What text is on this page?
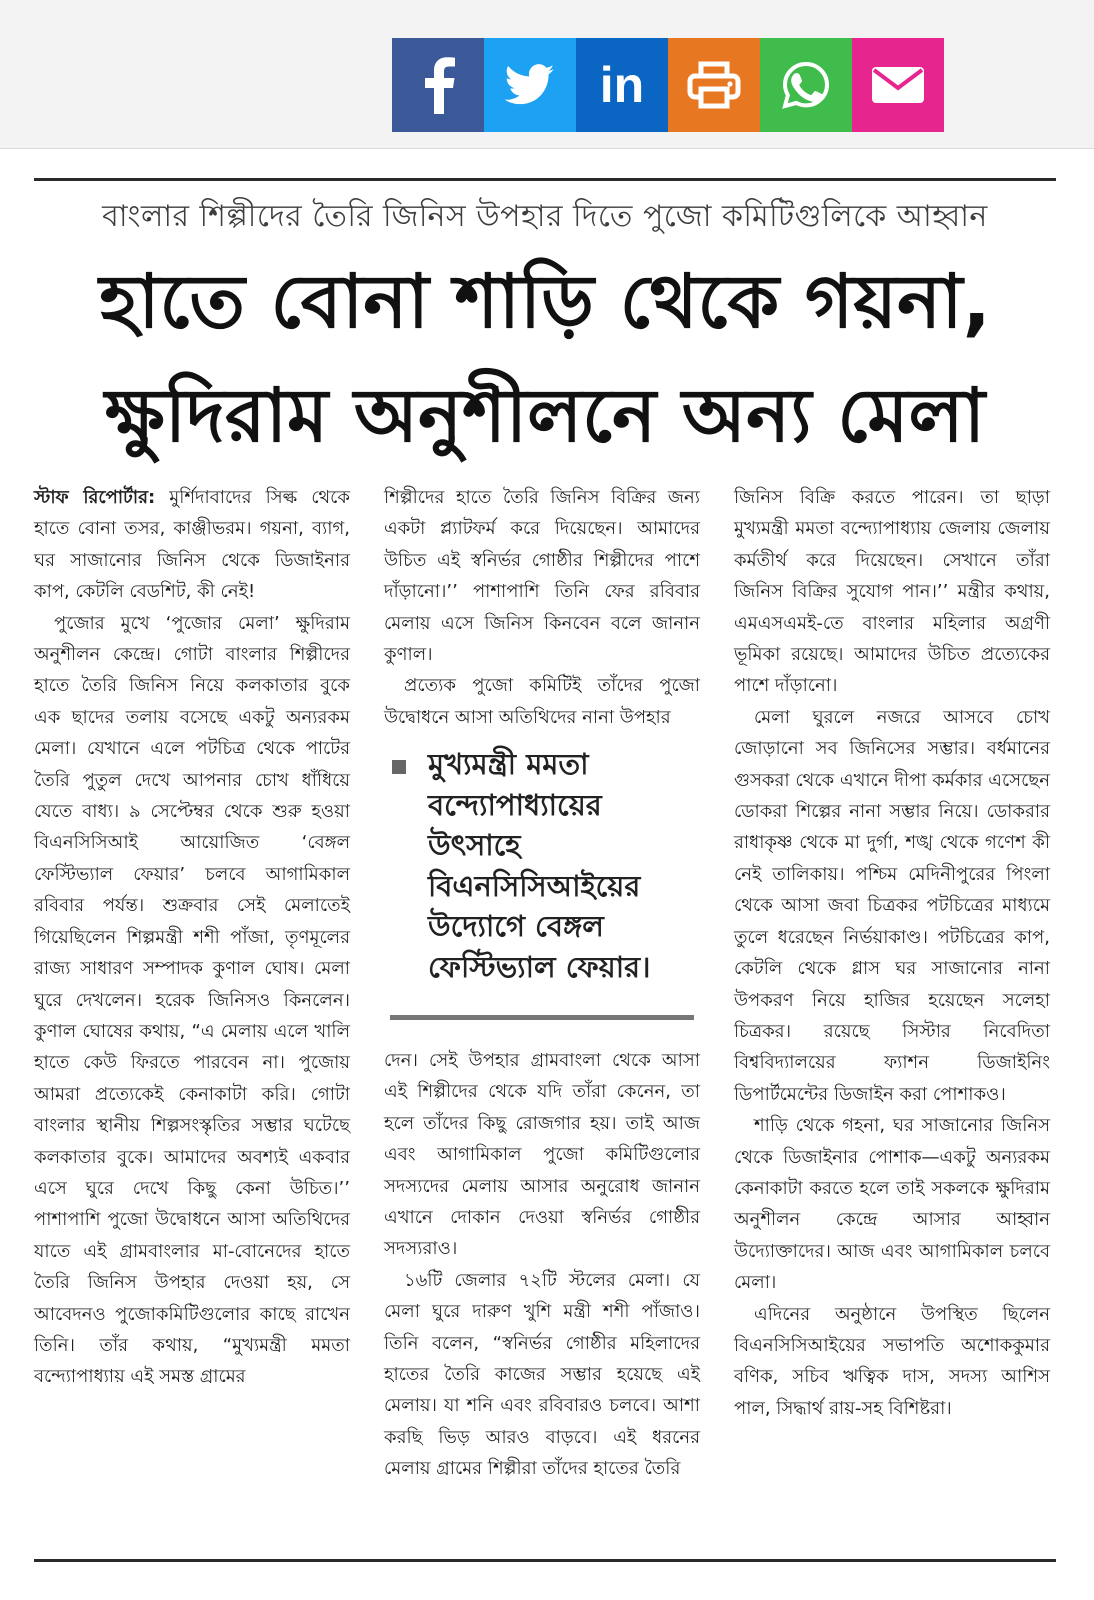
in
বাংলার শিল্পীদের তৈরি জিনিস উপহার দিতে পুজো কমিটিগুলিকে আহ্বান
হাতে বোনা শাড়ি থেকে গয়না,
ক্ষুদিরাম অনুশীলনে অন্য মেলা

স্টাফ রিপোর্টার: মুর্শিদাবাদের সিল্ক থেকে হাতে বোনা তসর, কাঞ্জীভরম। গয়না, ব্যাগ, ঘর সাজানোর জিনিস থেকে ডিজাইনার কাপ, কেটলি বেডশিট, কী নেই!

পুজোর মুখে ‘পুজোর মেলা’ ক্ষুদিরাম অনুশীলন কেন্দ্রে। গোটা বাংলার শিল্পীদের হাতে তৈরি জিনিস নিয়ে কলকাতার বুকে এক ছাদের তলায় বসেছে একটু অন্যরকম মেলা। যেখানে এলে পটচিত্র থেকে পাটের তৈরি পুতুল দেখে আপনার চোখ ধাঁধিয়ে যেতে বাধ্য। ৯ সেপ্টেম্বর থেকে শুরু হওয়া বিএনসিসিআই আয়োজিত ‘বেঙ্গল ফেস্টিভ্যাল ফেয়ার’ চলবে আগামিকাল রবিবার পর্যন্ত। শুক্রবার সেই মেলাতেই গিয়েছিলেন শিল্পমন্ত্রী শশী পাঁজা, তৃণমূলের রাজ্য সাধারণ সম্পাদক কুণাল ঘোষ। মেলা ঘুরে দেখলেন। হরেক জিনিসও কিনলেন। কুণাল ঘোষের কথায়, “এ মেলায় এলে খালি হাতে কেউ ফিরতে পারবেন না। পুজোয় আমরা প্রত্যেকেই কেনাকাটা করি। গোটা বাংলার স্থানীয় শিল্পসংস্কৃতির সম্ভার ঘটেছে কলকাতার বুকে। আমাদের অবশ্যই একবার এসে ঘুরে দেখে কিছু কেনা উচিত।’’ পাশাপাশি পুজো উদ্বোধনে আসা অতিথিদের যাতে এই গ্রামবাংলার মা-বোনেদের হাতে তৈরি জিনিস উপহার দেওয়া হয়, সে আবেদনও পুজোকমিটিগুলোর কাছে রাখেন তিনি। তাঁর কথায়, “মুখ্যমন্ত্রী মমতা বন্দ্যোপাধ্যায় এই সমস্ত গ্রামের

শিল্পীদের হাতে তৈরি জিনিস বিক্রির জন্য একটা প্ল্যাটফর্ম করে দিয়েছেন। আমাদের উচিত এই স্বনির্ভর গোষ্ঠীর শিল্পীদের পাশে দাঁড়ানো।’’ পাশাপাশি তিনি ফের রবিবার মেলায় এসে জিনিস কিনবেন বলে জানান কুণাল।

প্রত্যেক পুজো কমিটিই তাঁদের পুজো উদ্বোধনে আসা অতিথিদের নানা উপহার

মুখ্যমন্ত্রী মমতা বন্দ্যোপাধ্যায়ের উৎসাহে বিএনসিসিআইয়ের উদ্যোগে বেঙ্গল ফেস্টিভ্যাল ফেয়ার।

দেন। সেই উপহার গ্রামবাংলা থেকে আসা এই শিল্পীদের থেকে যদি তাঁরা কেনেন, তা হলে তাঁদের কিছু রোজগার হয়। তাই আজ এবং আগামিকাল পুজো কমিটিগুলোর সদস্যদের মেলায় আসার অনুরোধ জানান এখানে দোকান দেওয়া স্বনির্ভর গোষ্ঠীর সদস্যরাও।

১৬টি জেলার ৭২টি স্টলের মেলা। যে মেলা ঘুরে দারুণ খুশি মন্ত্রী শশী পাঁজাও। তিনি বলেন, “স্বনির্ভর গোষ্ঠীর মহিলাদের হাতের তৈরি কাজের সম্ভার হয়েছে এই মেলায়। যা শনি এবং রবিবারও চলবে। আশা করছি ভিড় আরও বাড়বে। এই ধরনের মেলায় গ্রামের শিল্পীরা তাঁদের হাতের তৈরি

জিনিস বিক্রি করতে পারেন। তা ছাড়া মুখ্যমন্ত্রী মমতা বন্দ্যোপাধ্যায় জেলায় জেলায় কর্মতীর্থ করে দিয়েছেন। সেখানে তাঁরা জিনিস বিক্রির সুযোগ পান।’’ মন্ত্রীর কথায়, এমএসএমই-তে বাংলার মহিলার অগ্রণী ভূমিকা রয়েছে। আমাদের উচিত প্রত্যেকের পাশে দাঁড়ানো।

মেলা ঘুরলে নজরে আসবে চোখ জোড়ানো সব জিনিসের সম্ভার। বর্ধমানের গুসকরা থেকে এখানে দীপা কর্মকার এসেছেন ডোকরা শিল্পের নানা সম্ভার নিয়ে। ডোকরার রাধাকৃষ্ণ থেকে মা দুর্গা, শঙ্খ থেকে গণেশ কী নেই তালিকায়। পশ্চিম মেদিনীপুরের পিংলা থেকে আসা জবা চিত্রকর পটচিত্রের মাধ্যমে তুলে ধরেছেন নির্ভয়াকাণ্ড। পটচিত্রের কাপ, কেটলি থেকে গ্লাস ঘর সাজানোর নানা উপকরণ নিয়ে হাজির হয়েছেন সলেহা চিত্রকর। রয়েছে সিস্টার নিবেদিতা বিশ্ববিদ্যালয়ের ফ্যাশন ডিজাইনিং ডিপার্টমেন্টের ডিজাইন করা পোশাকও।

শাড়ি থেকে গহনা, ঘর সাজানোর জিনিস থেকে ডিজাইনার পোশাক—একটু অন্যরকম কেনাকাটা করতে হলে তাই সকলকে ক্ষুদিরাম অনুশীলন কেন্দ্রে আসার আহ্বান উদ্যোক্তাদের। আজ এবং আগামিকাল চলবে মেলা।

এদিনের অনুষ্ঠানে উপস্থিত ছিলেন বিএনসিসিআইয়ের সভাপতি অশোককুমার বণিক, সচিব ঋত্বিক দাস, সদস্য আশিস পাল, সিদ্ধার্থ রায়-সহ বিশিষ্টরা।
